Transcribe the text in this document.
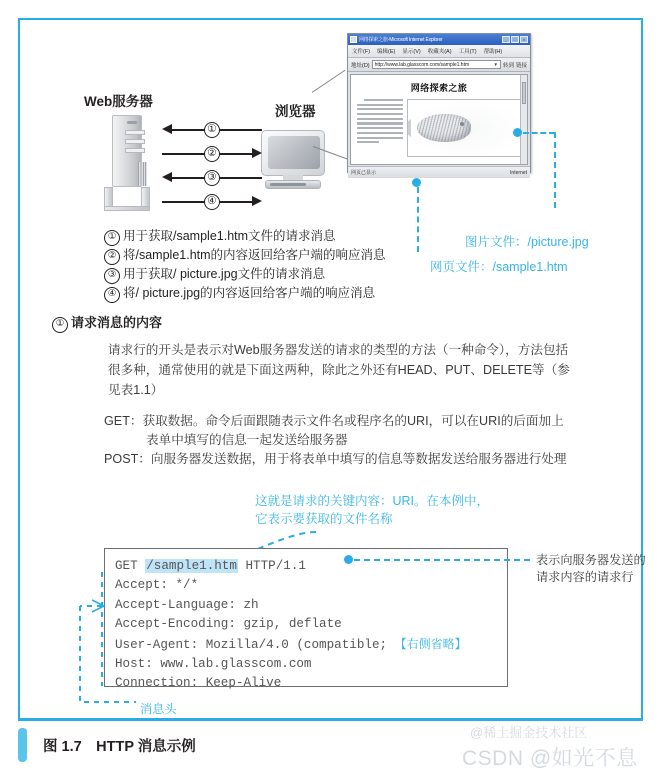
Web服务器
浏览器
①
②
③
④
① 用于获取/sample1.htm文件的请求消息
② 将/sample1.htm的内容返回给客户端的响应消息
③ 用于获取/ picture.jpg文件的请求消息
④ 将/ picture.jpg的内容返回给客户端的响应消息
网络探索之旅-Microsoft Internet Explorer	_	□	×
文件(F) 编辑(E) 显示(V) 收藏夹(A) 工具(T) 帮助(H)
地址(D) http://www.lab.glasscom.com/sample1.htm	▼ 转到 链接
网络探索之旅
网页已显示	Internet
图片文件：/picture.jpg
网页文件：/sample1.htm
① 请求消息的内容
请求行的开头是表示对Web服务器发送的请求的类型的方法（一种命令），方法包括很多种，通常使用的就是下面这两种，除此之外还有HEAD、PUT、DELETE等（参见表1.1）
GET：获取数据。命令后面跟随表示文件名或程序名的URI，可以在URI的后面加上
表单中填写的信息一起发送给服务器
POST：向服务器发送数据，用于将表单中填写的信息等数据发送给服务器进行处理
这就是请求的关键内容：URI。在本例中，
它表示要获取的文件名称
GET /sample1.htm HTTP/1.1
Accept: */*
Accept-Language: zh
Accept-Encoding: gzip, deflate
User-Agent: Mozilla/4.0 (compatible; 【右侧省略】
Host: www.lab.glasscom.com
Connection: Keep-Alive
表示向服务器发送的请求内容的请求行
消息头
图 1.7　HTTP 消息示例
@稀土掘金技术社区
CSDN @如光不息
